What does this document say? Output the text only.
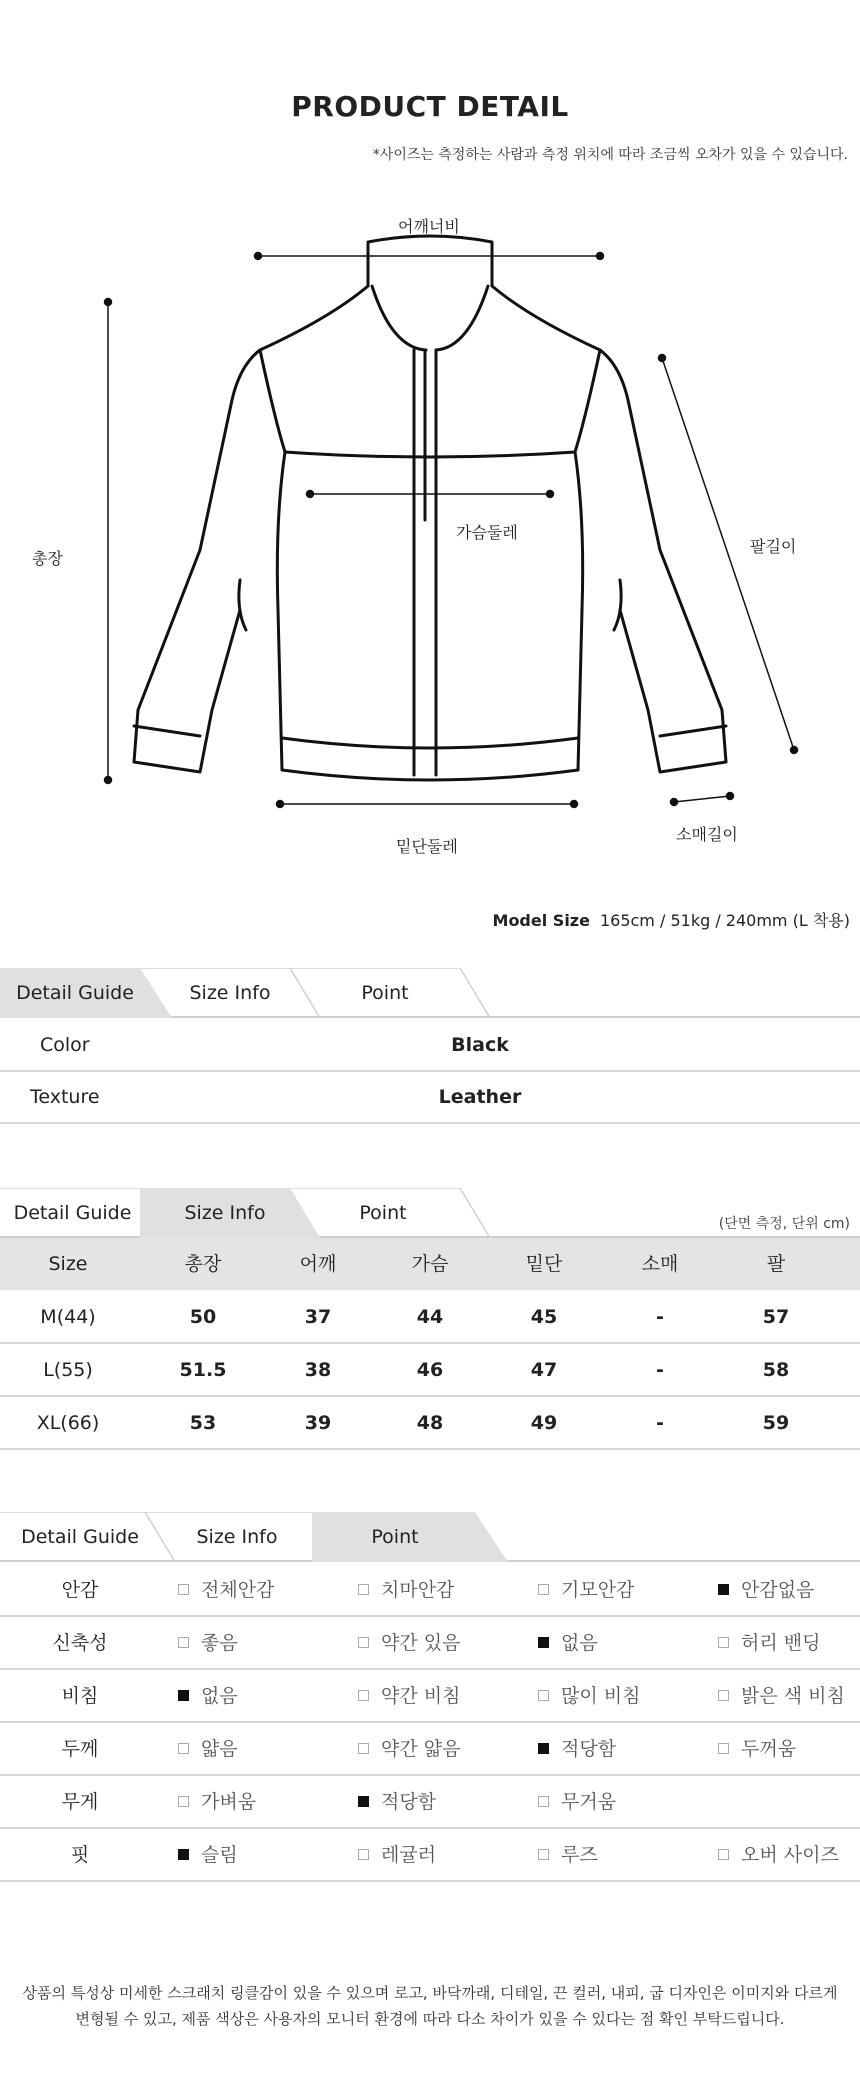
PRODUCT DETAIL
*사이즈는 측정하는 사람과 측정 위치에 따라 조금씩 오차가 있을 수 있습니다.
어깨너비
총장
가슴둘레
팔길이
밑단둘레
소매길이
Model Size 165cm / 51kg / 240mm (L 착용)
Detail Guide	Size Info	Point
Color	Black
Texture	Leather
Detail Guide	Size Info	Point	(단면 측정, 단위 cm)
Size	총장	어깨	가슴	밑단	소매	팔
M(44)	50	37	44	45	-	57
L(55)	51.5	38	46	47	-	58
XL(66)	53	39	48	49	-	59
Detail Guide	Size Info	Point
안감	전체안감	치마안감	기모안감	안감없음
신축성	좋음	약간 있음	없음	허리 밴딩
비침	없음	약간 비침	많이 비침	밝은 색 비침
두께	얇음	약간 얇음	적당함	두꺼움
무게	가벼움	적당함	무거움
핏	슬림	레귤러	루즈	오버 사이즈
상품의 특성상 미세한 스크래치 링클감이 있을 수 있으며 로고, 바닥까래, 디테일, 끈 컬러, 내피, 굽 디자인은 이미지와 다르게
변형될 수 있고, 제품 색상은 사용자의 모니터 환경에 따라 다소 차이가 있을 수 있다는 점 확인 부탁드립니다.
